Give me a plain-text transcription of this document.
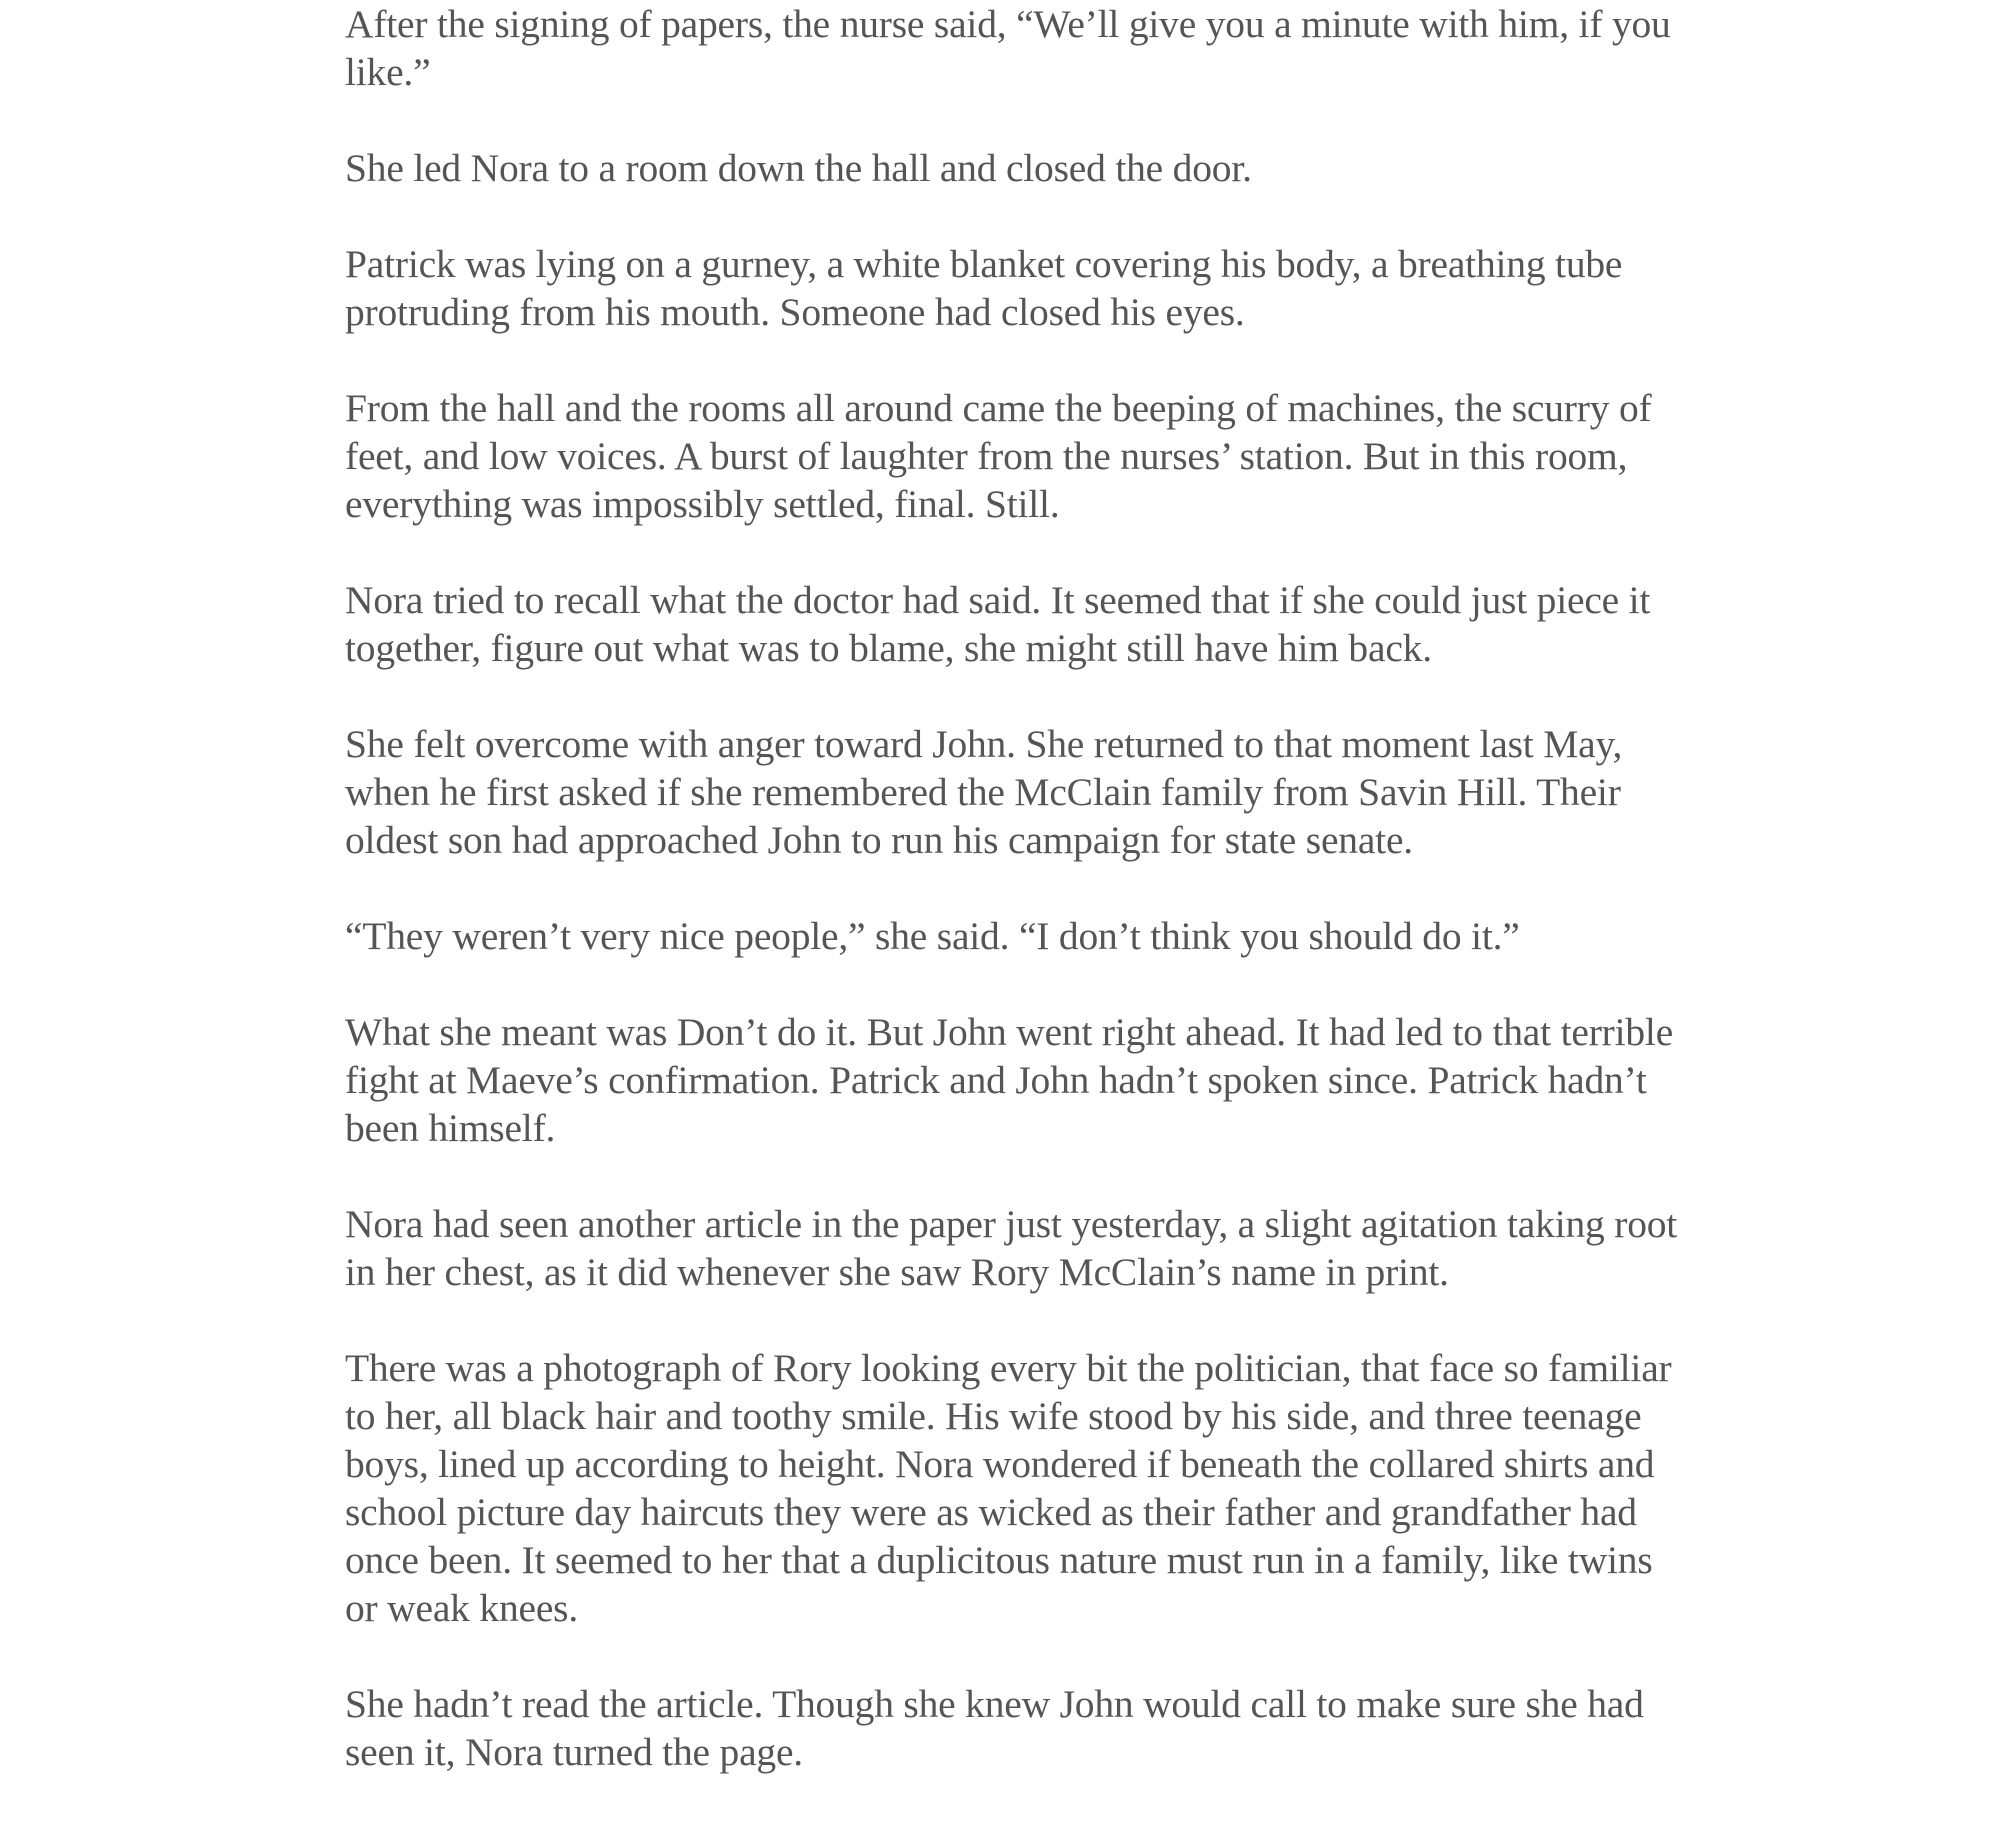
After the signing of papers, the nurse said, “We’ll give you a minute with him, if you like.”

She led Nora to a room down the hall and closed the door.

Patrick was lying on a gurney, a white blanket covering his body, a breathing tube protruding from his mouth. Someone had closed his eyes.

From the hall and the rooms all around came the beeping of machines, the scurry of feet, and low voices. A burst of laughter from the nurses’ station. But in this room, everything was impossibly settled, final. Still.

Nora tried to recall what the doctor had said. It seemed that if she could just piece it together, figure out what was to blame, she might still have him back.

She felt overcome with anger toward John. She returned to that moment last May, when he first asked if she remembered the McClain family from Savin Hill. Their oldest son had approached John to run his campaign for state senate.

“They weren’t very nice people,” she said. “I don’t think you should do it.”

What she meant was Don’t do it. But John went right ahead. It had led to that terrible fight at Maeve’s confirmation. Patrick and John hadn’t spoken since. Patrick hadn’t been himself.

Nora had seen another article in the paper just yesterday, a slight agitation taking root in her chest, as it did whenever she saw Rory McClain’s name in print.

There was a photograph of Rory looking every bit the politician, that face so familiar to her, all black hair and toothy smile. His wife stood by his side, and three teenage boys, lined up according to height. Nora wondered if beneath the collared shirts and school picture day haircuts they were as wicked as their father and grandfather had once been. It seemed to her that a duplicitous nature must run in a family, like twins or weak knees.

She hadn’t read the article. Though she knew John would call to make sure she had seen it, Nora turned the page.
